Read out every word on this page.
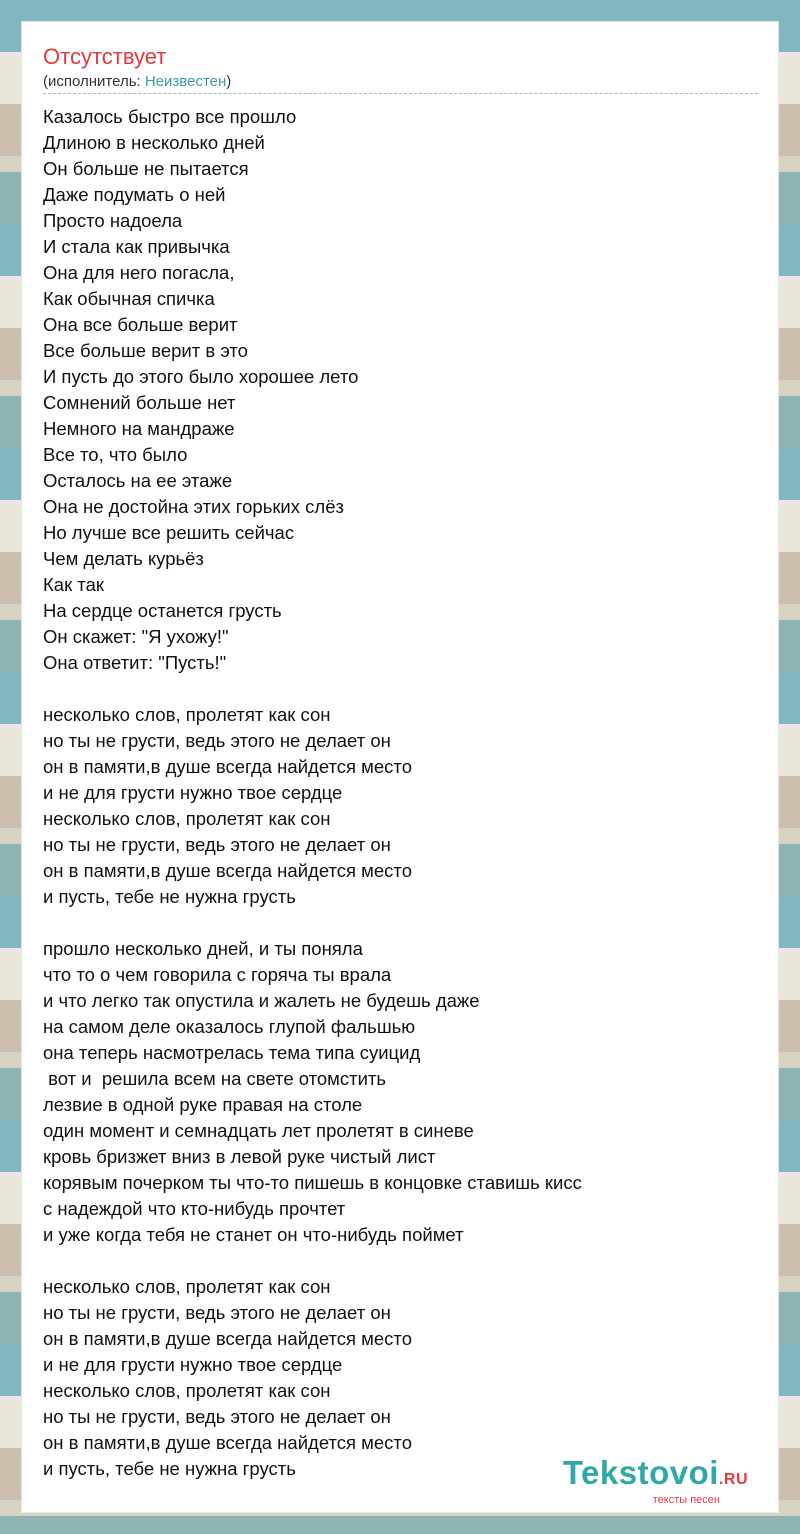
Отсутствует
(исполнитель: Неизвестен)
Казалось быстро все прошло
Длиною в несколько дней
Он больше не пытается
Даже подумать о ней
Просто надоела
И стала как привычка
Она для него погасла,
Как обычная спичка
Она все больше верит
Все больше верит в это
И пусть до этого было хорошее лето
Сомнений больше нет
Немного на мандраже
Все то, что было
Осталось на ее этаже
Она не достойна этих горьких слёз
Но лучше все решить сейчас
Чем делать курьёз
Как так
На сердце останется грусть
Он скажет: "Я ухожу!"
Она ответит: "Пусть!"
несколько слов, пролетят как сон
но ты не грусти, ведь этого не делает он
он в памяти,в душе всегда найдется место
и не для грусти нужно твое сердце
несколько слов, пролетят как сон
но ты не грусти, ведь этого не делает он
он в памяти,в душе всегда найдется место
и пусть, тебе не нужна грусть
прошло несколько дней, и ты поняла
что то о чем говорила с горяча ты врала
и что легко так опустила и жалеть не будешь даже
на самом деле оказалось глупой фальшью
она теперь насмотрелась тема типа суицид
вот и  решила всем на свете отомстить
лезвие в одной руке правая на столе
один момент и семнадцать лет пролетят в синеве
кровь бризжет вниз в левой руке чистый лист
корявым почерком ты что-то пишешь в концовке ставишь кисс
с надеждой что кто-нибудь прочтет
и уже когда тебя не станет он что-нибудь поймет
несколько слов, пролетят как сон
но ты не грусти, ведь этого не делает он
он в памяти,в душе всегда найдется место
и не для грусти нужно твое сердце
несколько слов, пролетят как сон
но ты не грусти, ведь этого не делает он
он в памяти,в душе всегда найдется место
и пусть, тебе не нужна грусть	Tekstovoi.RU
тексты песен
